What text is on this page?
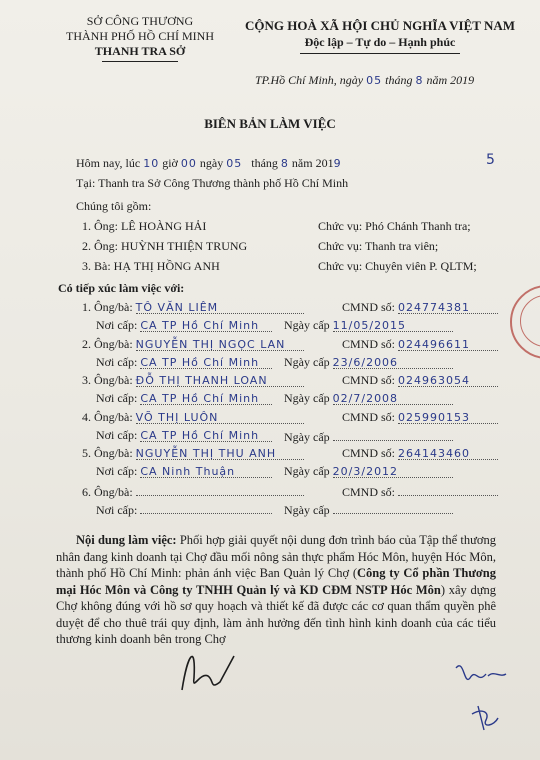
SỞ CÔNG THƯƠNG
THÀNH PHỐ HỒ CHÍ MINH
THANH TRA SỞ
CỘNG HOÀ XÃ HỘI CHỦ NGHĨA VIỆT NAM
Độc lập – Tự do – Hạnh phúc
TP.Hồ Chí Minh, ngày 05 tháng 8 năm 2019
BIÊN BẢN LÀM VIỆC
Hôm nay, lúc 10 giờ 00 ngày 05 tháng 8 năm 2019	5
Tại: Thanh tra Sở Công Thương thành phố Hồ Chí Minh
Chúng tôi gồm:
1. Ông: LÊ HOÀNG HẢI	Chức vụ: Phó Chánh Thanh tra;
2. Ông: HUỲNH THIỆN TRUNG	Chức vụ: Thanh tra viên;
3. Bà: HẠ THỊ HỒNG ANH	Chức vụ: Chuyên viên P. QLTM;
Có tiếp xúc làm việc với:
1. Ông/bà: TÔ VĂN LIÊM	CMND số: 024774381
Nơi cấp: CA TP Hồ Chí Minh	Ngày cấp 11/05/2015
2. Ông/bà: NGUYỄN THỊ NGỌC LAN	CMND số: 024496611
Nơi cấp: CA TP Hồ Chí Minh	Ngày cấp 23/6/2006
3. Ông/bà: ĐỖ THỊ THANH LOAN	CMND số: 024963054
Nơi cấp: CA TP Hồ Chí Minh	Ngày cấp 02/7/2008
4. Ông/bà: VÕ THỊ LUÔN	CMND số: 025990153
Nơi cấp: CA TP Hồ Chí Minh	Ngày cấp
5. Ông/bà: NGUYỄN THỊ THU ANH	CMND số: 264143460
Nơi cấp: CA Ninh Thuận	Ngày cấp 20/3/2012
6. Ông/bà:	CMND số:
Nơi cấp:	Ngày cấp
Nội dung làm việc: Phối hợp giải quyết nội dung đơn trình báo của Tập thể thương nhân đang kinh doanh tại Chợ đầu mối nông sản thực phẩm Hóc Môn, huyện Hóc Môn, thành phố Hồ Chí Minh: phản ánh việc Ban Quản lý Chợ (Công ty Cổ phần Thương mại Hóc Môn và Công ty TNHH Quản lý và KD CĐM NSTP Hóc Môn) xây dựng Chợ không đúng với hồ sơ quy hoạch và thiết kế đã được các cơ quan thẩm quyền phê duyệt để cho thuê trái quy định, làm ảnh hưởng đến tình hình kinh doanh của các tiểu thương kinh doanh bên trong Chợ
